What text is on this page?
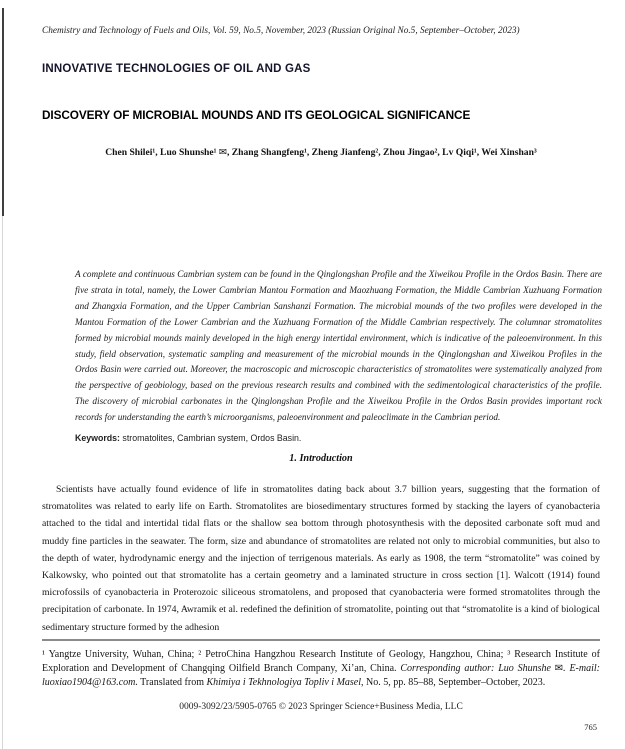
Chemistry and Technology of Fuels and Oils, Vol. 59, No.5, November, 2023 (Russian Original No.5, September–October, 2023)
INNOVATIVE TECHNOLOGIES OF OIL AND GAS
DISCOVERY OF MICROBIAL MOUNDS AND ITS GEOLOGICAL SIGNIFICANCE
Chen Shilei¹, Luo Shunshe¹ ✉, Zhang Shangfeng¹, Zheng Jianfeng², Zhou Jingao², Lv Qiqi¹, Wei Xinshan³

A complete and continuous Cambrian system can be found in the Qinglongshan Profile and the Xiweikou Profile in the Ordos Basin. There are five strata in total, namely, the Lower Cambrian Mantou Formation and Maozhuang Formation, the Middle Cambrian Xuzhuang Formation and Zhangxia Formation, and the Upper Cambrian Sanshanzi Formation. The microbial mounds of the two profiles were developed in the Mantou Formation of the Lower Cambrian and the Xuzhuang Formation of the Middle Cambrian respectively. The columnar stromatolites formed by microbial mounds mainly developed in the high energy intertidal environment, which is indicative of the paleoenvironment. In this study, field observation, systematic sampling and measurement of the microbial mounds in the Qinglongshan and Xiweikou Profiles in the Ordos Basin were carried out. Moreover, the macroscopic and microscopic characteristics of stromatolites were systematically analyzed from the perspective of geobiology, based on the previous research results and combined with the sedimentological characteristics of the profile. The discovery of microbial carbonates in the Qinglongshan Profile and the Xiweikou Profile in the Ordos Basin provides important rock records for understanding the earth’s microorganisms, paleoenvironment and paleoclimate in the Cambrian period.

Keywords: stromatolites, Cambrian system, Ordos Basin.

1. Introduction

Scientists have actually found evidence of life in stromatolites dating back about 3.7 billion years, suggesting that the formation of stromatolites was related to early life on Earth. Stromatolites are biosedimentary structures formed by stacking the layers of cyanobacteria attached to the tidal and intertidal tidal flats or the shallow sea bottom through photosynthesis with the deposited carbonate soft mud and muddy fine particles in the seawater. The form, size and abundance of stromatolites are related not only to microbial communities, but also to the depth of water, hydrodynamic energy and the injection of terrigenous materials. As early as 1908, the term “stromatolite” was coined by Kalkowsky, who pointed out that stromatolite has a certain geometry and a laminated structure in cross section [1]. Walcott (1914) found microfossils of cyanobacteria in Proterozoic siliceous stromatolens, and proposed that cyanobacteria were formed stromatolites through the precipitation of carbonate. In 1974, Awramik et al. redefined the definition of stromatolite, pointing out that “stromatolite is a kind of biological sedimentary structure formed by the adhesion

¹ Yangtze University, Wuhan, China; ² PetroChina Hangzhou Research Institute of Geology, Hangzhou, China; ³ Research Institute of Exploration and Development of Changqing Oilfield Branch Company, Xi’an, China. Corresponding author: Luo Shunshe ✉. E-mail: luoxiao1904@163.com. Translated from Khimiya i Tekhnologiya Topliv i Masel, No. 5, pp. 85–88, September–October, 2023.

0009-3092/23/5905-0765 © 2023 Springer Science+Business Media, LLC
765
